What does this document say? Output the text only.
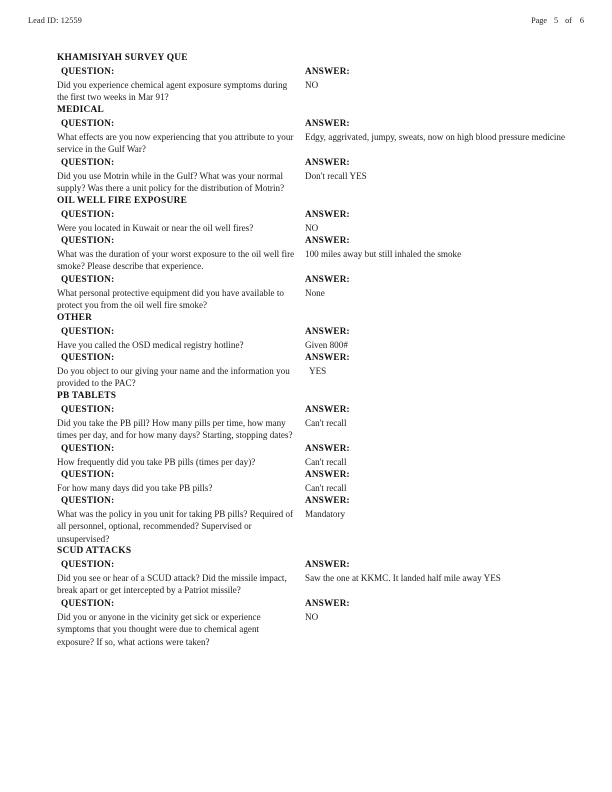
Lead ID: 12559	Page 5 of 6
KHAMISIYAH SURVEY QUE
QUESTION:
Did you experience chemical agent exposure symptoms during the first two weeks in Mar 91?
ANSWER:
NO
MEDICAL
QUESTION:
What effects are you now experiencing that you attribute to your service in the Gulf War?
ANSWER:
Edgy, aggrivated, jumpy, sweats, now on high blood pressure medicine
QUESTION:
Did you use Motrin while in the Gulf? What was your normal supply? Was there a unit policy for the distribution of Motrin?
ANSWER:
Don't recall YES
OIL WELL FIRE EXPOSURE
QUESTION:
Were you located in Kuwait or near the oil well fires?
ANSWER:
NO
QUESTION:
What was the duration of your worst exposure to the oil well fire smoke? Please describe that experience.
ANSWER:
100 miles away but still inhaled the smoke
QUESTION:
What personal protective equipment did you have available to protect you from the oil well fire smoke?
ANSWER:
None
OTHER
QUESTION:
Have you called the OSD medical registry hotline?
ANSWER:
Given 800#
QUESTION:
Do you object to our giving your name and the information you provided to the PAC?
ANSWER:
YES
PB TABLETS
QUESTION:
Did you take the PB pill? How many pills per time, how many times per day, and for how many days? Starting, stopping dates?
ANSWER:
Can't recall
QUESTION:
How frequently did you take PB pills (times per day)?
ANSWER:
Can't recall
QUESTION:
For how many days did you take PB pills?
ANSWER:
Can't recall
QUESTION:
What was the policy in you unit for taking PB pills? Required of all personnel, optional, recommended? Supervised or unsupervised?
ANSWER:
Mandatory
SCUD ATTACKS
QUESTION:
Did you see or hear of a SCUD attack? Did the missile impact, break apart or get intercepted by a Patriot missile?
ANSWER:
Saw the one at KKMC. It landed half mile away YES
QUESTION:
Did you or anyone in the vicinity get sick or experience symptoms that you thought were due to chemical agent exposure? If so, what actions were taken?
ANSWER:
NO
